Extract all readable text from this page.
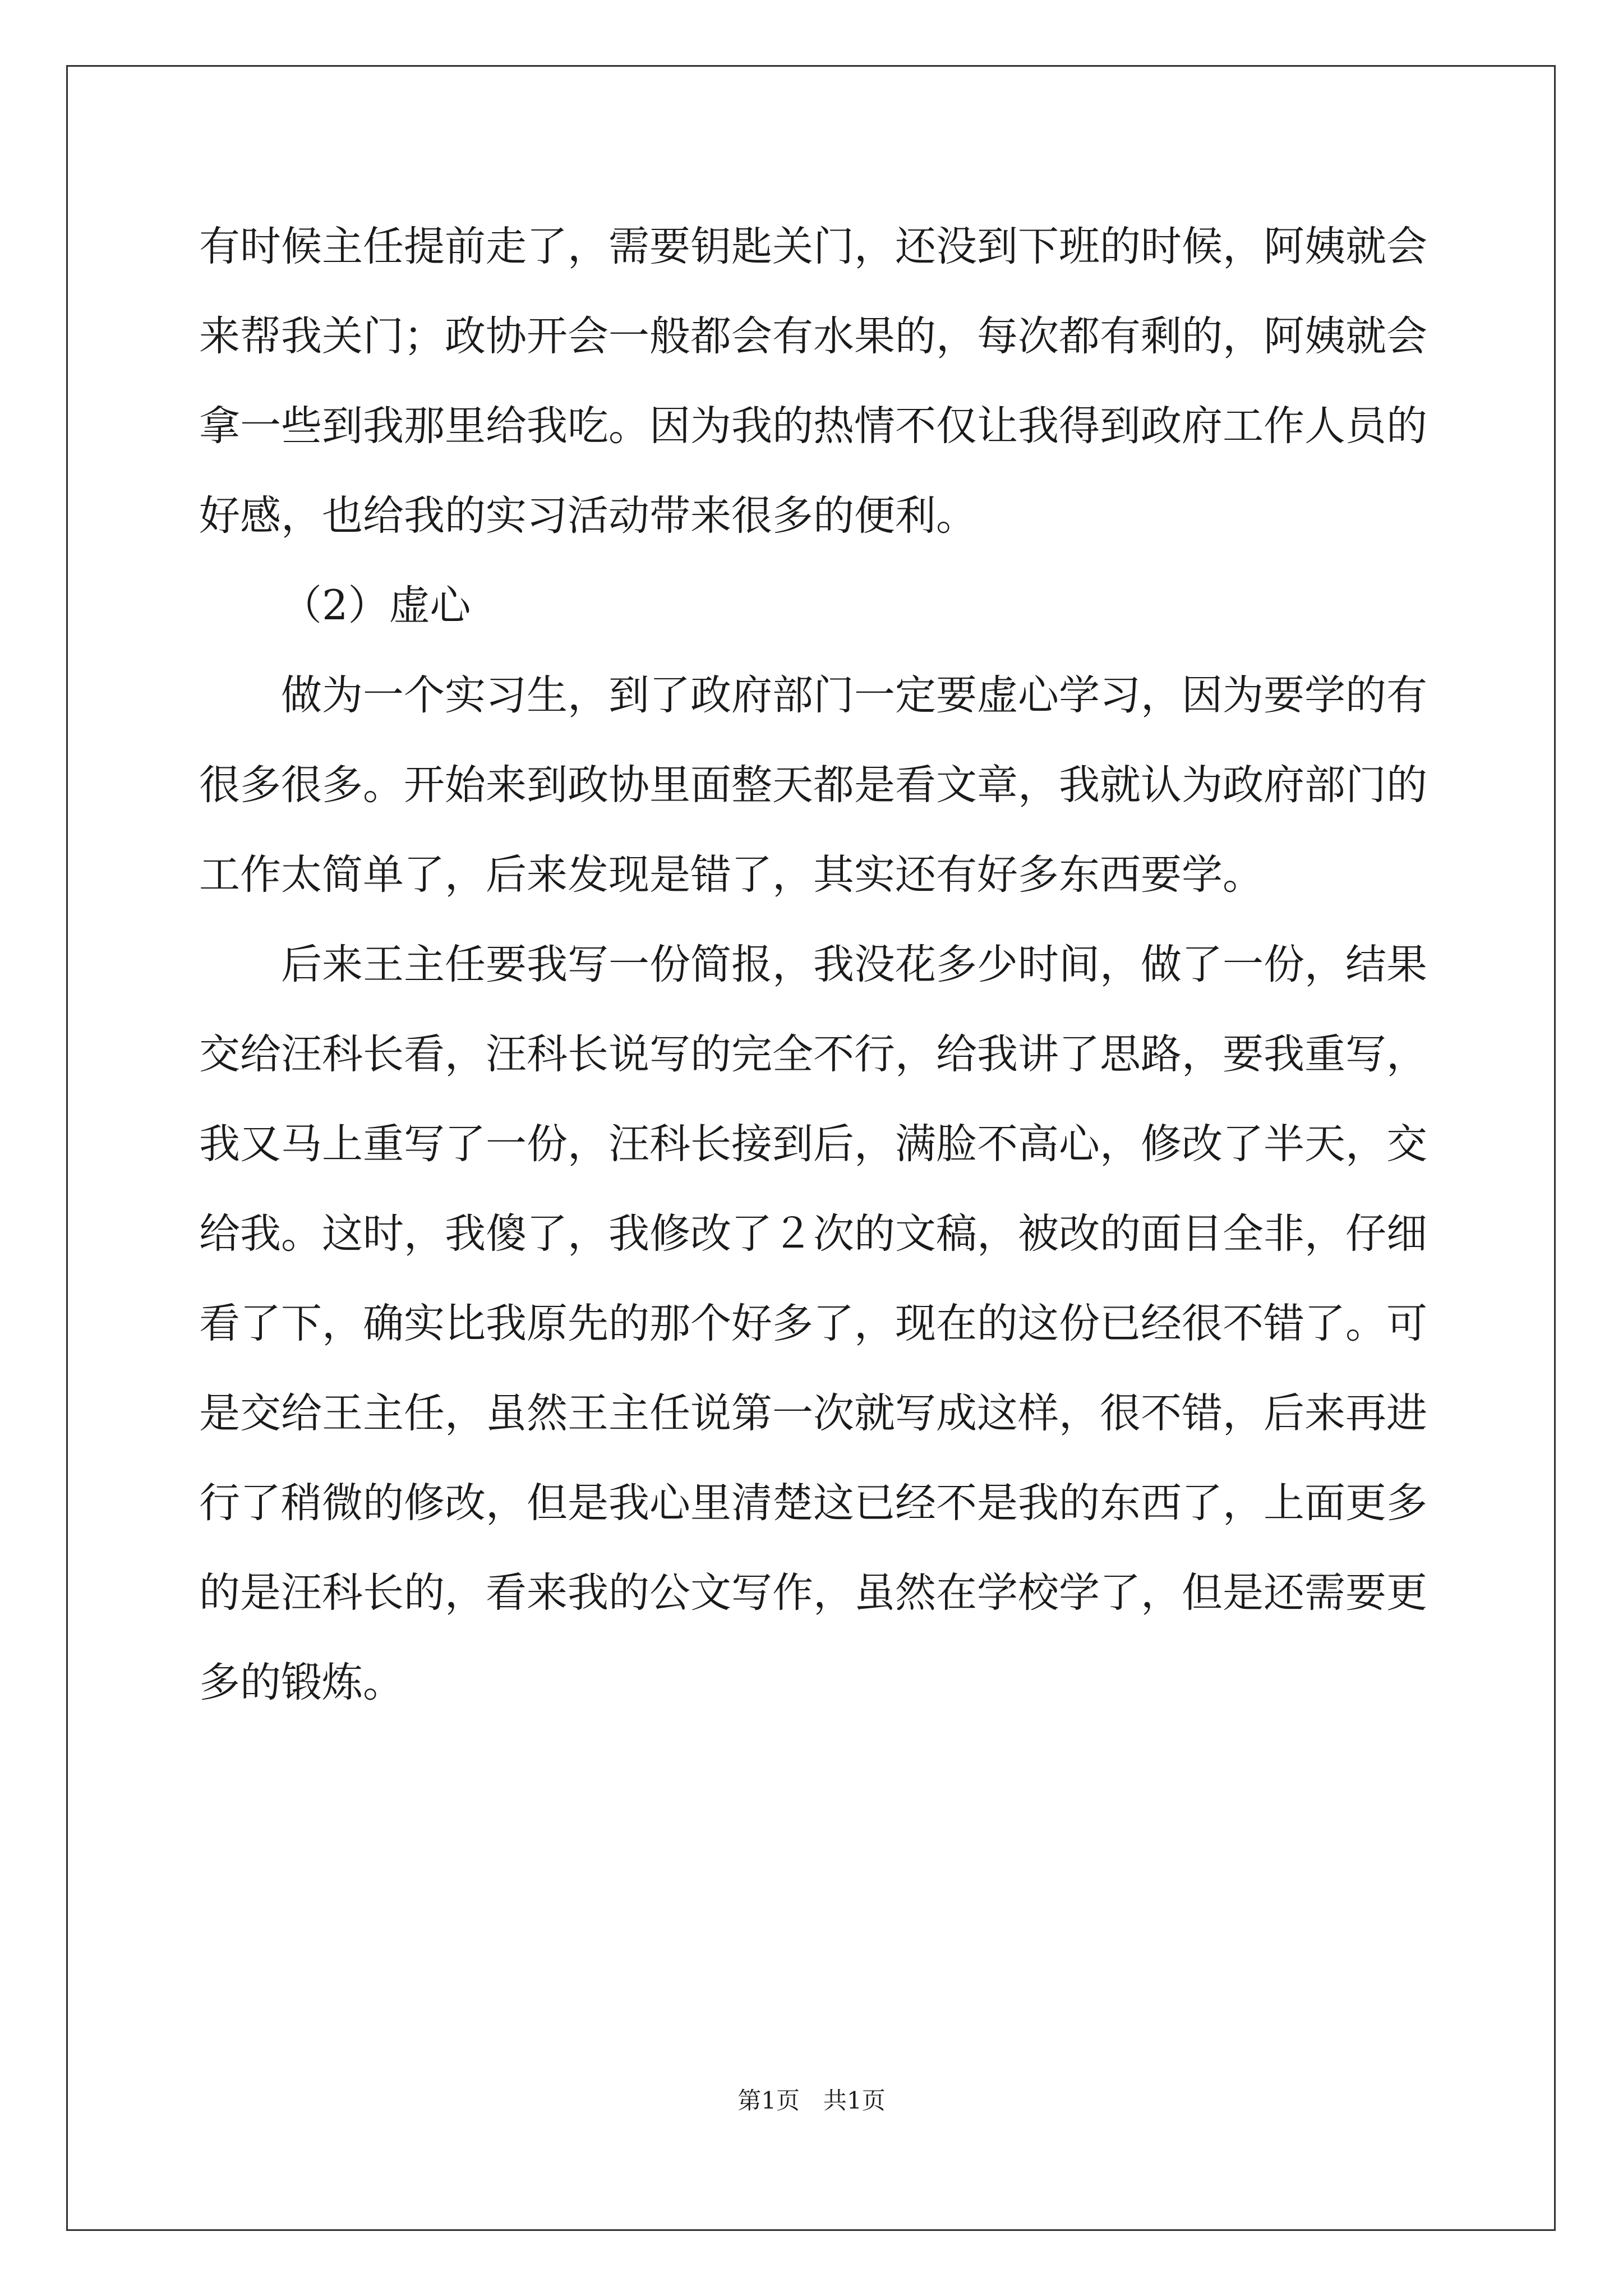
有时候主任提前走了，需要钥匙关门，还没到下班的时候，阿姨就会
来帮我关门；政协开会一般都会有水果的，每次都有剩的，阿姨就会
拿一些到我那里给我吃。因为我的热情不仅让我得到政府工作人员的
好感，也给我的实习活动带来很多的便利。
（2）虚心
做为一个实习生，到了政府部门一定要虚心学习，因为要学的有
很多很多。开始来到政协里面整天都是看文章，我就认为政府部门的
工作太简单了，后来发现是错了，其实还有好多东西要学。
后来王主任要我写一份简报，我没花多少时间，做了一份，结果
交给汪科长看，汪科长说写的完全不行，给我讲了思路，要我重写，
我又马上重写了一份，汪科长接到后，满脸不高心，修改了半天，交
给我。这时，我傻了，我修改了２次的文稿，被改的面目全非，仔细
看了下，确实比我原先的那个好多了，现在的这份已经很不错了。可
是交给王主任，虽然王主任说第一次就写成这样，很不错，后来再进
行了稍微的修改，但是我心里清楚这已经不是我的东西了，上面更多
的是汪科长的，看来我的公文写作，虽然在学校学了，但是还需要更
多的锻炼。
第1页 共1页
